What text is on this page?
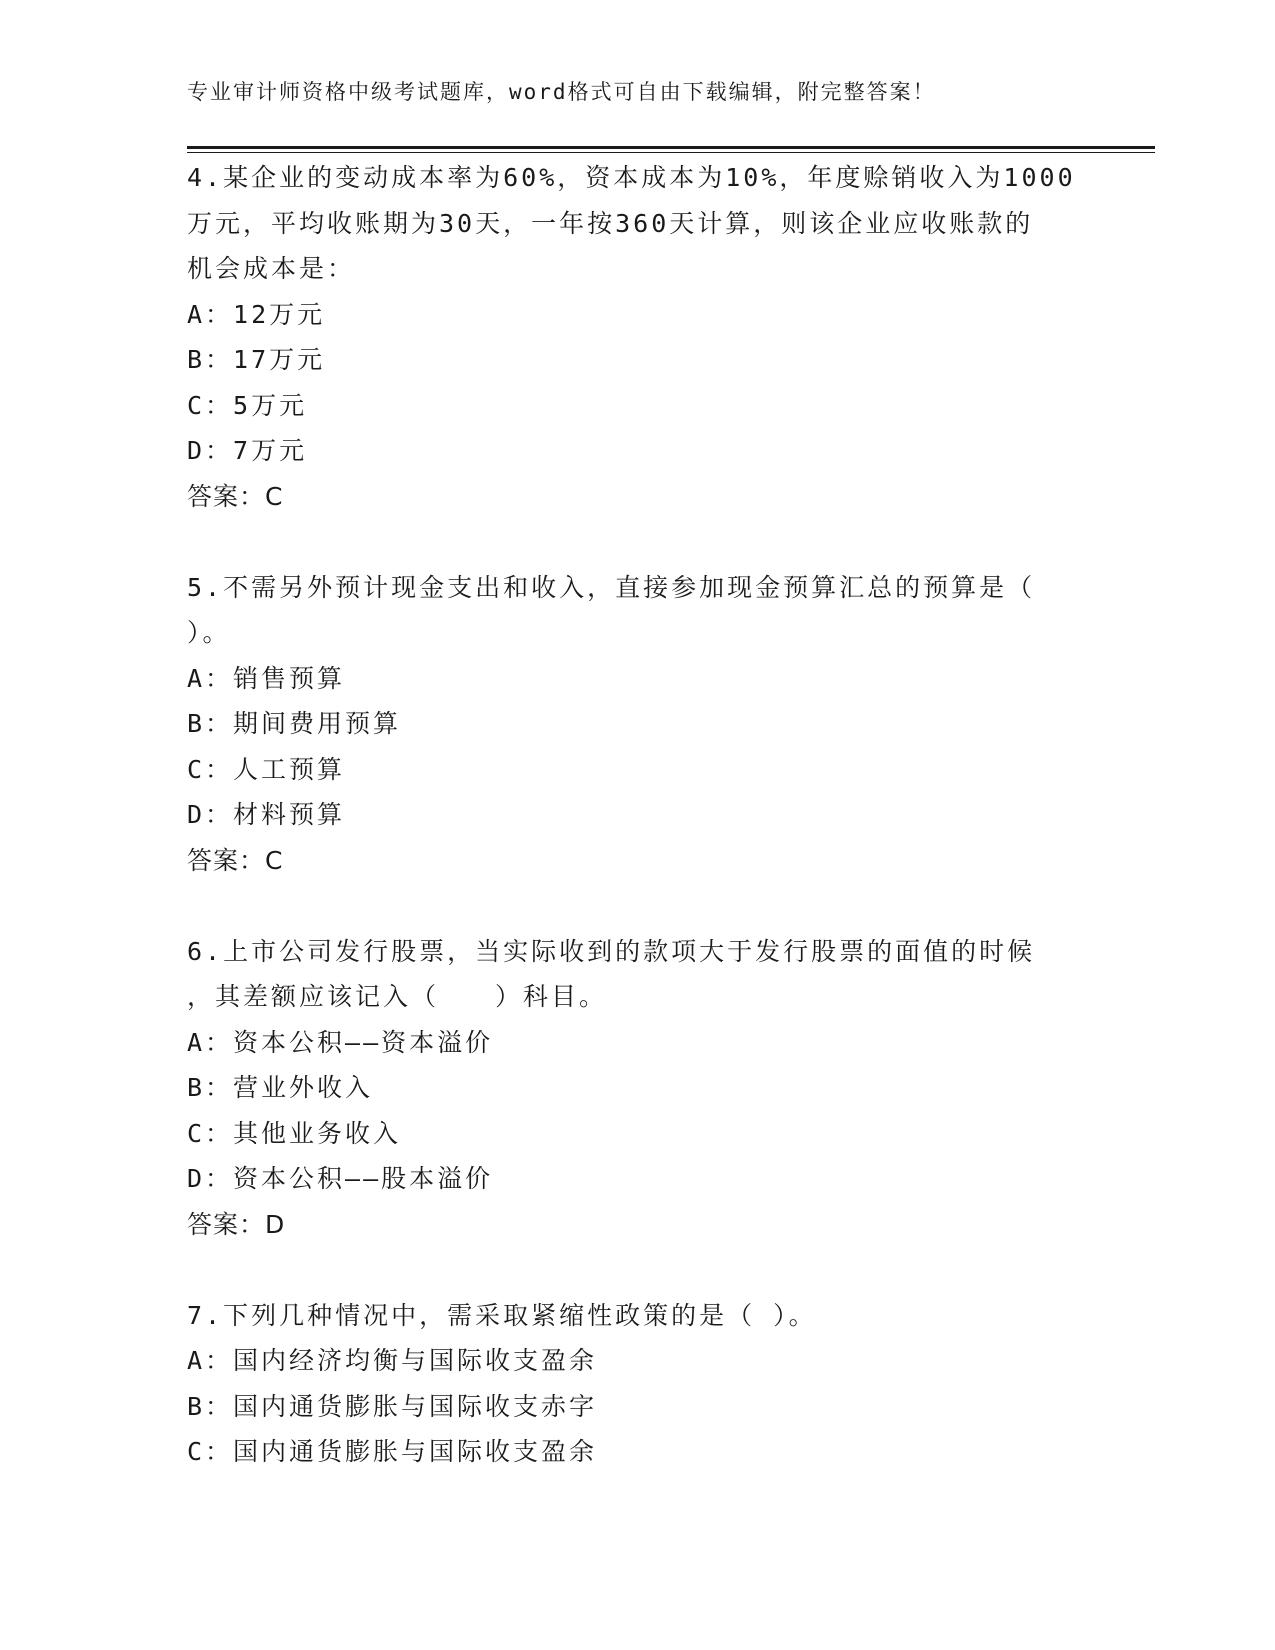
专业审计师资格中级考试题库，word格式可自由下载编辑，附完整答案！
4.某企业的变动成本率为60%，资本成本为10%，年度赊销收入为1000
万元，平均收账期为30天，一年按360天计算，则该企业应收账款的
机会成本是：
A：12万元
B：17万元
C：5万元
D：7万元
答案：C
5.不需另外预计现金支出和收入，直接参加现金预算汇总的预算是（
）。
A：销售预算
B：期间费用预算
C：人工预算
D：材料预算
答案：C
6.上市公司发行股票，当实际收到的款项大于发行股票的面值的时候
，其差额应该记入（　　）科目。
A：资本公积——资本溢价
B：营业外收入
C：其他业务收入
D：资本公积——股本溢价
答案：D
7.下列几种情况中，需采取紧缩性政策的是（ ）。
A：国内经济均衡与国际收支盈余
B：国内通货膨胀与国际收支赤字
C：国内通货膨胀与国际收支盈余
